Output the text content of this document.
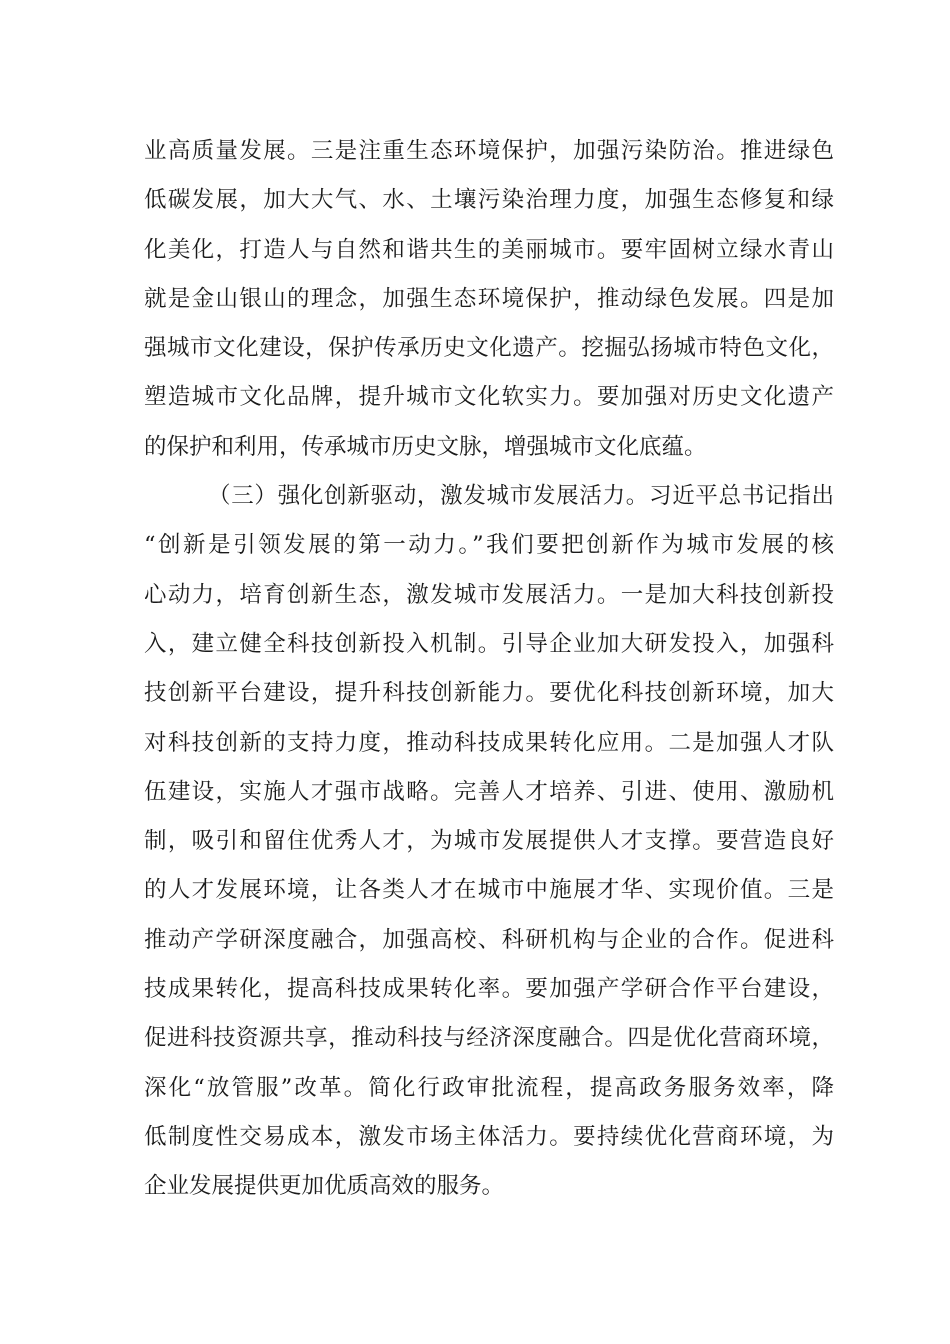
业高质量发展。三是注重生态环境保护，加强污染防治。推进绿色
低碳发展，加大大气、水、土壤污染治理力度，加强生态修复和绿
化美化，打造人与自然和谐共生的美丽城市。要牢固树立绿水青山
就是金山银山的理念，加强生态环境保护，推动绿色发展。四是加
强城市文化建设，保护传承历史文化遗产。挖掘弘扬城市特色文化，
塑造城市文化品牌，提升城市文化软实力。要加强对历史文化遗产
的保护和利用，传承城市历史文脉，增强城市文化底蕴。
（三）强化创新驱动，激发城市发展活力。习近平总书记指出
“创新是引领发展的第一动力。”我们要把创新作为城市发展的核
心动力，培育创新生态，激发城市发展活力。一是加大科技创新投
入，建立健全科技创新投入机制。引导企业加大研发投入，加强科
技创新平台建设，提升科技创新能力。要优化科技创新环境，加大
对科技创新的支持力度，推动科技成果转化应用。二是加强人才队
伍建设，实施人才强市战略。完善人才培养、引进、使用、激励机
制，吸引和留住优秀人才，为城市发展提供人才支撑。要营造良好
的人才发展环境，让各类人才在城市中施展才华、实现价值。三是
推动产学研深度融合，加强高校、科研机构与企业的合作。促进科
技成果转化，提高科技成果转化率。要加强产学研合作平台建设，
促进科技资源共享，推动科技与经济深度融合。四是优化营商环境，
深化“放管服”改革。简化行政审批流程，提高政务服务效率，降
低制度性交易成本，激发市场主体活力。要持续优化营商环境，为
企业发展提供更加优质高效的服务。
